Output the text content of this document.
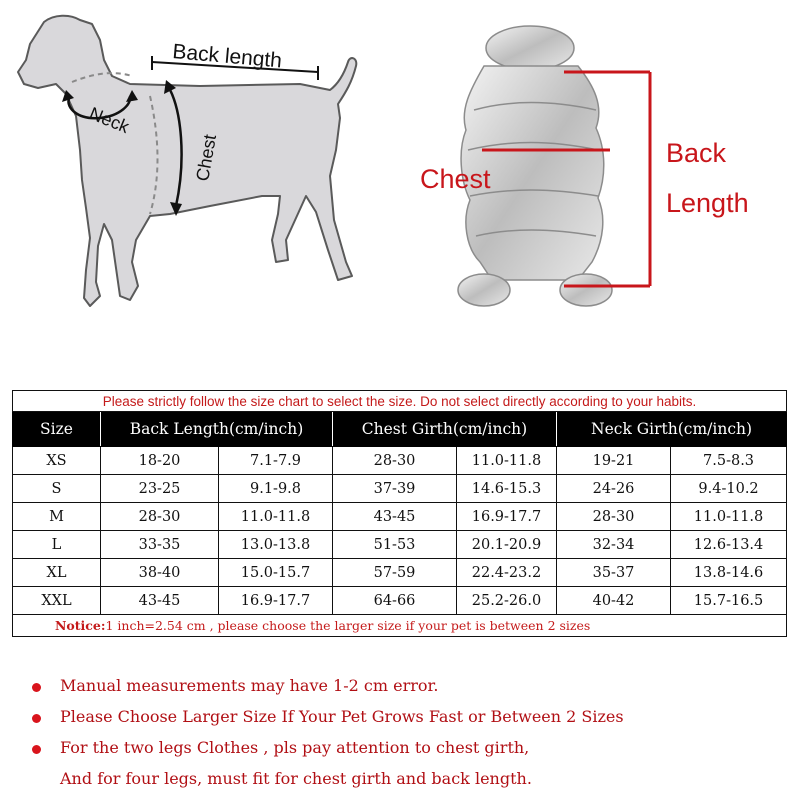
Back length
Neck
Chest	Chest
Back
Length
Please strictly follow the size chart to select the size. Do not select directly according to your habits.						
Size	Back Length(cm/inch)		Chest Girth(cm/inch)		Neck Girth(cm/inch)	
XS	18-20	7.1-7.9	28-30	11.0-11.8	19-21	7.5-8.3
S	23-25	9.1-9.8	37-39	14.6-15.3	24-26	9.4-10.2
M	28-30	11.0-11.8	43-45	16.9-17.7	28-30	11.0-11.8
L	33-35	13.0-13.8	51-53	20.1-20.9	32-34	12.6-13.4
XL	38-40	15.0-15.7	57-59	22.4-23.2	35-37	13.8-14.6
XXL	43-45	16.9-17.7	64-66	25.2-26.0	40-42	15.7-16.5
Notice:1 inch=2.54 cm , please choose the larger size if your pet is between 2 sizes						
Manual measurements may have 1-2 cm error.
Please Choose Larger Size If Your Pet Grows Fast or Between 2 Sizes
For the two legs Clothes , pls pay attention to chest girth,
And for four legs, must fit for chest girth and back length.
